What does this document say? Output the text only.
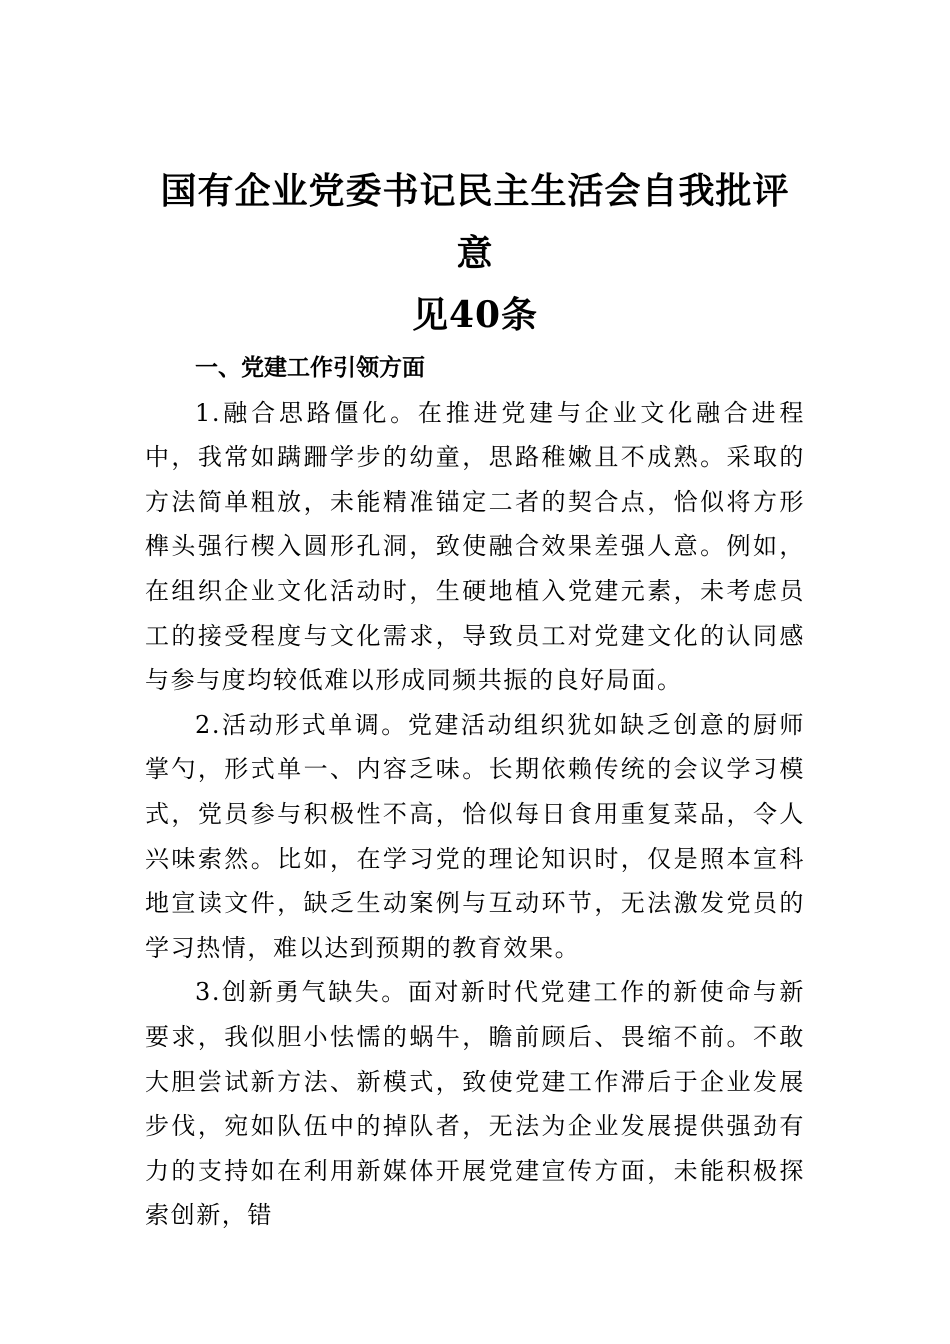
国有企业党委书记民主生活会自我批评意
见40条
一、党建工作引领方面

1.融合思路僵化。在推进党建与企业文化融合进程中，我常如蹒跚学步的幼童，思路稚嫩且不成熟。采取的方法简单粗放，未能精准锚定二者的契合点，恰似将方形榫头强行楔入圆形孔洞，致使融合效果差强人意。例如，在组织企业文化活动时，生硬地植入党建元素，未考虑员工的接受程度与文化需求，导致员工对党建文化的认同感与参与度均较低难以形成同频共振的良好局面。

2.活动形式单调。党建活动组织犹如缺乏创意的厨师掌勺，形式单一、内容乏味。长期依赖传统的会议学习模式，党员参与积极性不高，恰似每日食用重复菜品，令人兴味索然。比如，在学习党的理论知识时，仅是照本宣科地宣读文件，缺乏生动案例与互动环节，无法激发党员的学习热情，难以达到预期的教育效果。

3.创新勇气缺失。面对新时代党建工作的新使命与新要求，我似胆小怯懦的蜗牛，瞻前顾后、畏缩不前。不敢大胆尝试新方法、新模式，致使党建工作滞后于企业发展步伐，宛如队伍中的掉队者，无法为企业发展提供强劲有力的支持如在利用新媒体开展党建宣传方面，未能积极探索创新，错
